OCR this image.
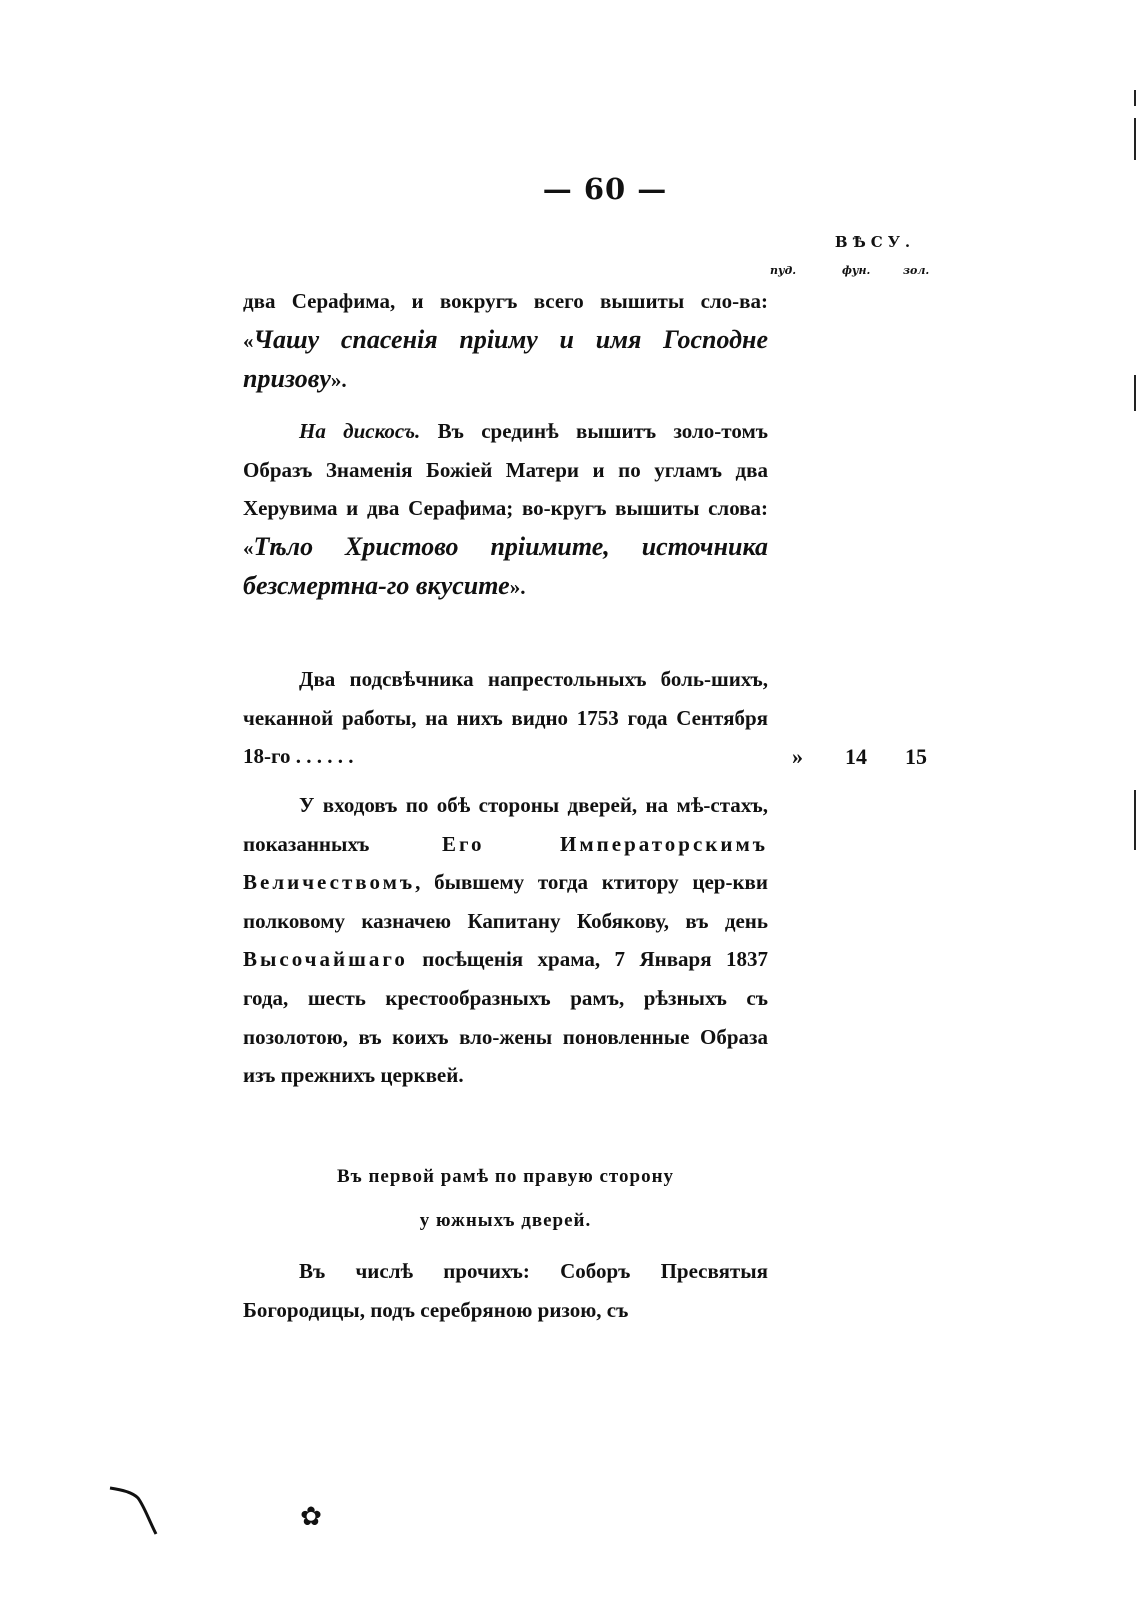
— 60 —
ВѢСУ.
пуд.	фун.	зол.

два Серафима, и вокругъ всего вышиты сло-ва: «Чашу спасенія пріиму и имя Господне призову».

На дискосъ. Въ срединѣ вышитъ золо-томъ Образъ Знаменія Божіей Матери и по угламъ два Херувима и два Серафима; во-кругъ вышиты слова: «Тѣло Христово пріимите, источника безсмертна-го вкусите».

Два подсвѣчника напрестольныхъ боль-шихъ, чеканной работы, на нихъ видно 1753 года Сентября 18-го . . . . . .	» 14 15

У входовъ по обѣ стороны дверей, на мѣ-стахъ, показанныхъ Его Императорскимъ Величествомъ, бывшему тогда ктитору цер-кви полковому казначею Капитану Кобякову, въ день Высочайшаго посѣщенія храма, 7 Января 1837 года, шесть крестообразныхъ рамъ, рѣзныхъ съ позолотою, въ коихъ вло-жены поновленные Образа изъ прежнихъ церквей.

Въ первой рамѣ по правую сторону
у южныхъ дверей.

Въ числѣ прочихъ: Соборъ Пресвятыя Богородицы, подъ серебряною ризою, съ

✿
